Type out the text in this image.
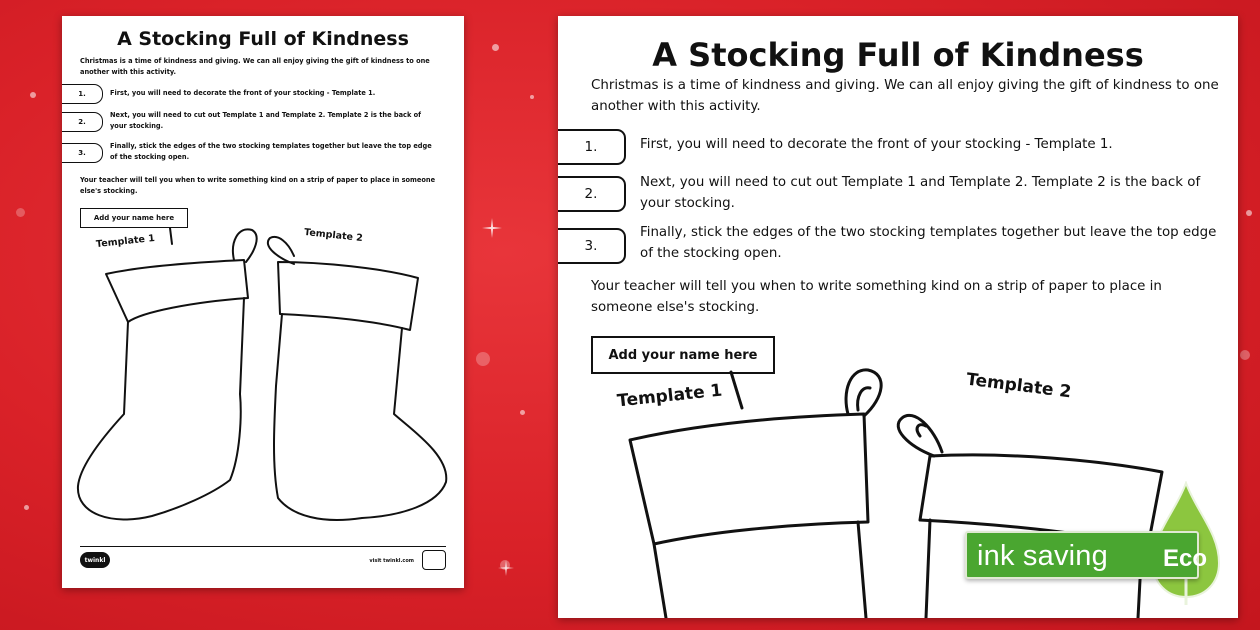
A Stocking Full of Kindness
Christmas is a time of kindness and giving. We can all enjoy giving the gift of kindness to one another with this activity.
1.	First, you will need to decorate the front of your stocking - Template 1.
2.
Next, you will need to cut out Template 1 and Template 2. Template 2 is the back of your stocking.
3.
Finally, stick the edges of the two stocking templates together but leave the top edge of the stocking open.
Your teacher will tell you when to write something kind on a strip of paper to place in someone else's stocking.
Add your name here
Template 1	Template 2
twinkl	visit twinkl.com
A Stocking Full of Kindness
Christmas is a time of kindness and giving. We can all enjoy giving the gift of kindness to one another with this activity.
1.	First, you will need to decorate the front of your stocking - Template 1.
2.
Next, you will need to cut out Template 1 and Template 2. Template 2 is the back of your stocking.
3.
Finally, stick the edges of the two stocking templates together but leave the top edge of the stocking open.
Your teacher will tell you when to write something kind on a strip of paper to place in someone else's stocking.
Add your name here
Template 1	Template 2
ink saving	Eco
